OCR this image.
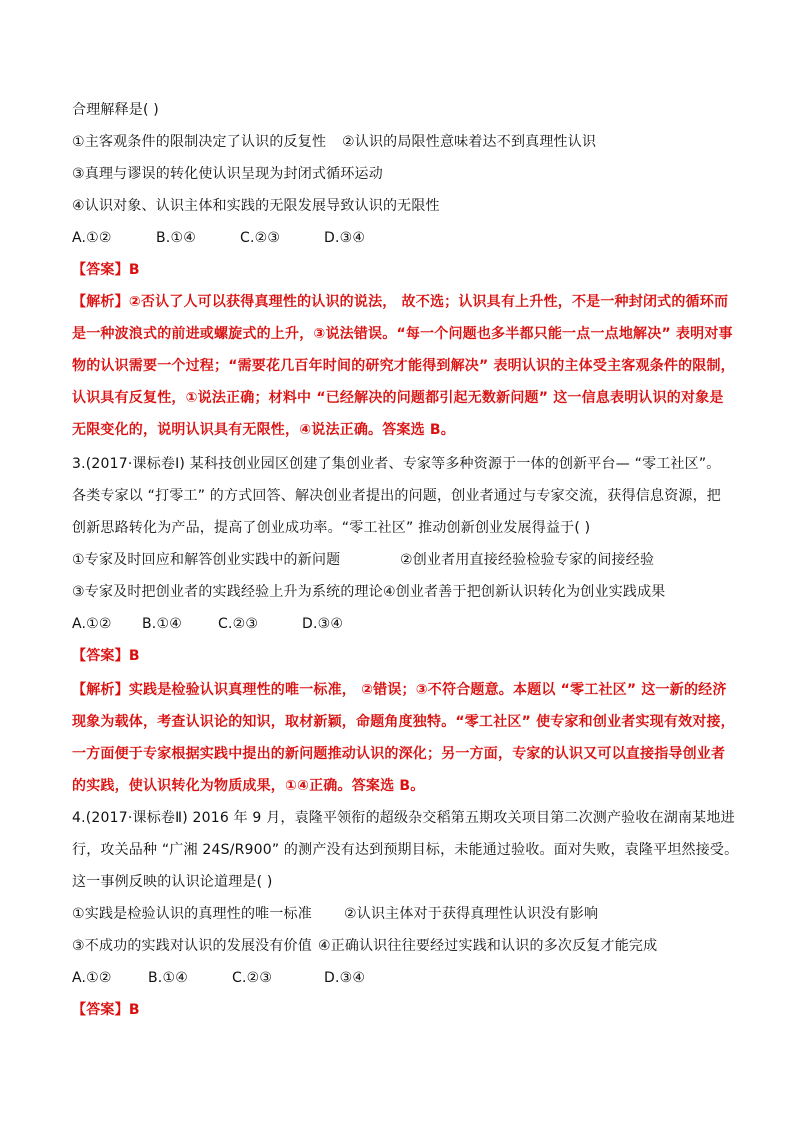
合理解释是( )
①主客观条件的限制决定了认识的反复性 ②认识的局限性意味着达不到真理性认识
③真理与谬误的转化使认识呈现为封闭式循环运动
④认识对象、认识主体和实践的无限发展导致认识的无限性
A.①②	B.①④	C.②③	D.③④
【答案】B
【解析】②否认了人可以获得真理性的认识的说法， 故不选；认识具有上升性，不是一种封闭式的循环而
是一种波浪式的前进或螺旋式的上升，③说法错误。“每一个问题也多半都只能一点一点地解决” 表明对事
物的认识需要一个过程；“需要花几百年时间的研究才能得到解决” 表明认识的主体受主客观条件的限制，
认识具有反复性，①说法正确；材料中 “已经解决的问题都引起无数新问题” 这一信息表明认识的对象是
无限变化的，说明认识具有无限性，④说法正确。答案选 B。
3.(2017·课标卷Ⅰ) 某科技创业园区创建了集创业者、专家等多种资源于一体的创新平台— “零工社区”。
各类专家以 “打零工” 的方式回答、解决创业者提出的问题，创业者通过与专家交流，获得信息资源，把
创新思路转化为产品，提高了创业成功率。“零工社区” 推动创新创业发展得益于( )
①专家及时回应和解答创业实践中的新问题	②创业者用直接经验检验专家的间接经验
③专家及时把创业者的实践经验上升为系统的理论④创业者善于把创新认识转化为创业实践成果
A.①② B.①④	C.②③	D.③④
【答案】B
【解析】实践是检验认识真理性的唯一标准， ②错误；③不符合题意。本题以 “零工社区” 这一新的经济
现象为载体，考查认识论的知识，取材新颖，命题角度独特。“零工社区” 使专家和创业者实现有效对接，
一方面便于专家根据实践中提出的新问题推动认识的深化；另一方面，专家的认识又可以直接指导创业者
的实践，使认识转化为物质成果，①④正确。答案选 B。
4.(2017·课标卷Ⅱ) 2016 年 9 月，袁隆平领衔的超级杂交稻第五期攻关项目第二次测产验收在湖南某地进
行，攻关品种 “广湘 24S/R900” 的测产没有达到预期目标，未能通过验收。面对失败，袁隆平坦然接受。
这一事例反映的认识论道理是( )
①实践是检验认识的真理性的唯一标准 ②认识主体对于获得真理性认识没有影响
③不成功的实践对认识的发展没有价值 ④正确认识往往要经过实践和认识的多次反复才能完成
A.①②	B.①④	C.②③	D.③④
【答案】B
